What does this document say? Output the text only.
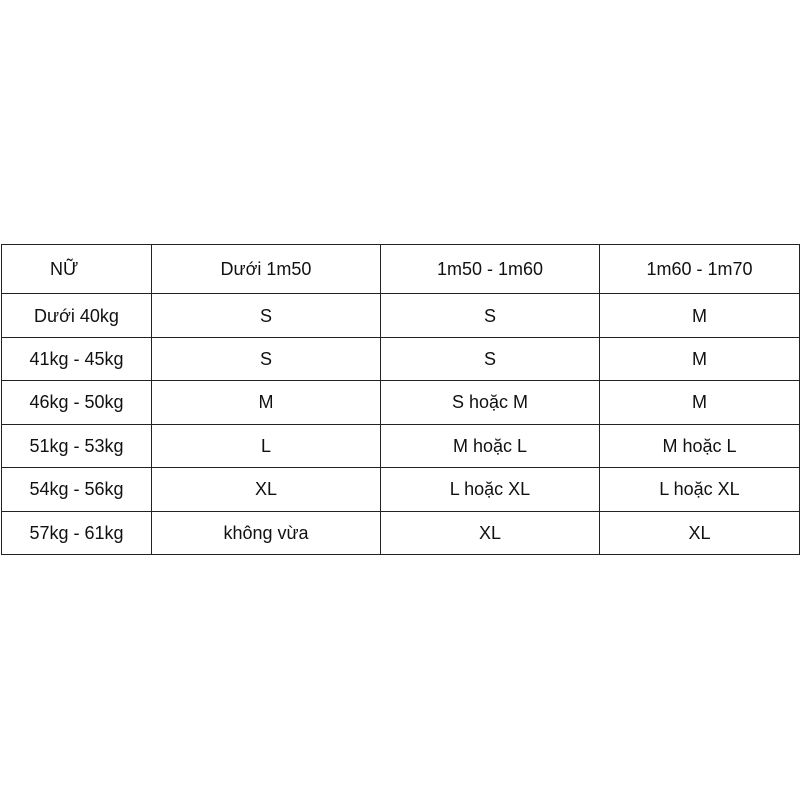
NỮ	Dưới 1m50	1m50 - 1m60	1m60 - 1m70
Dưới 40kg	S	S	M
41kg - 45kg	S	S	M
46kg - 50kg	M	S hoặc M	M
51kg - 53kg	L	M hoặc L	M hoặc L
54kg - 56kg	XL	L hoặc XL	L hoặc XL
57kg - 61kg	không vừa	XL	XL
